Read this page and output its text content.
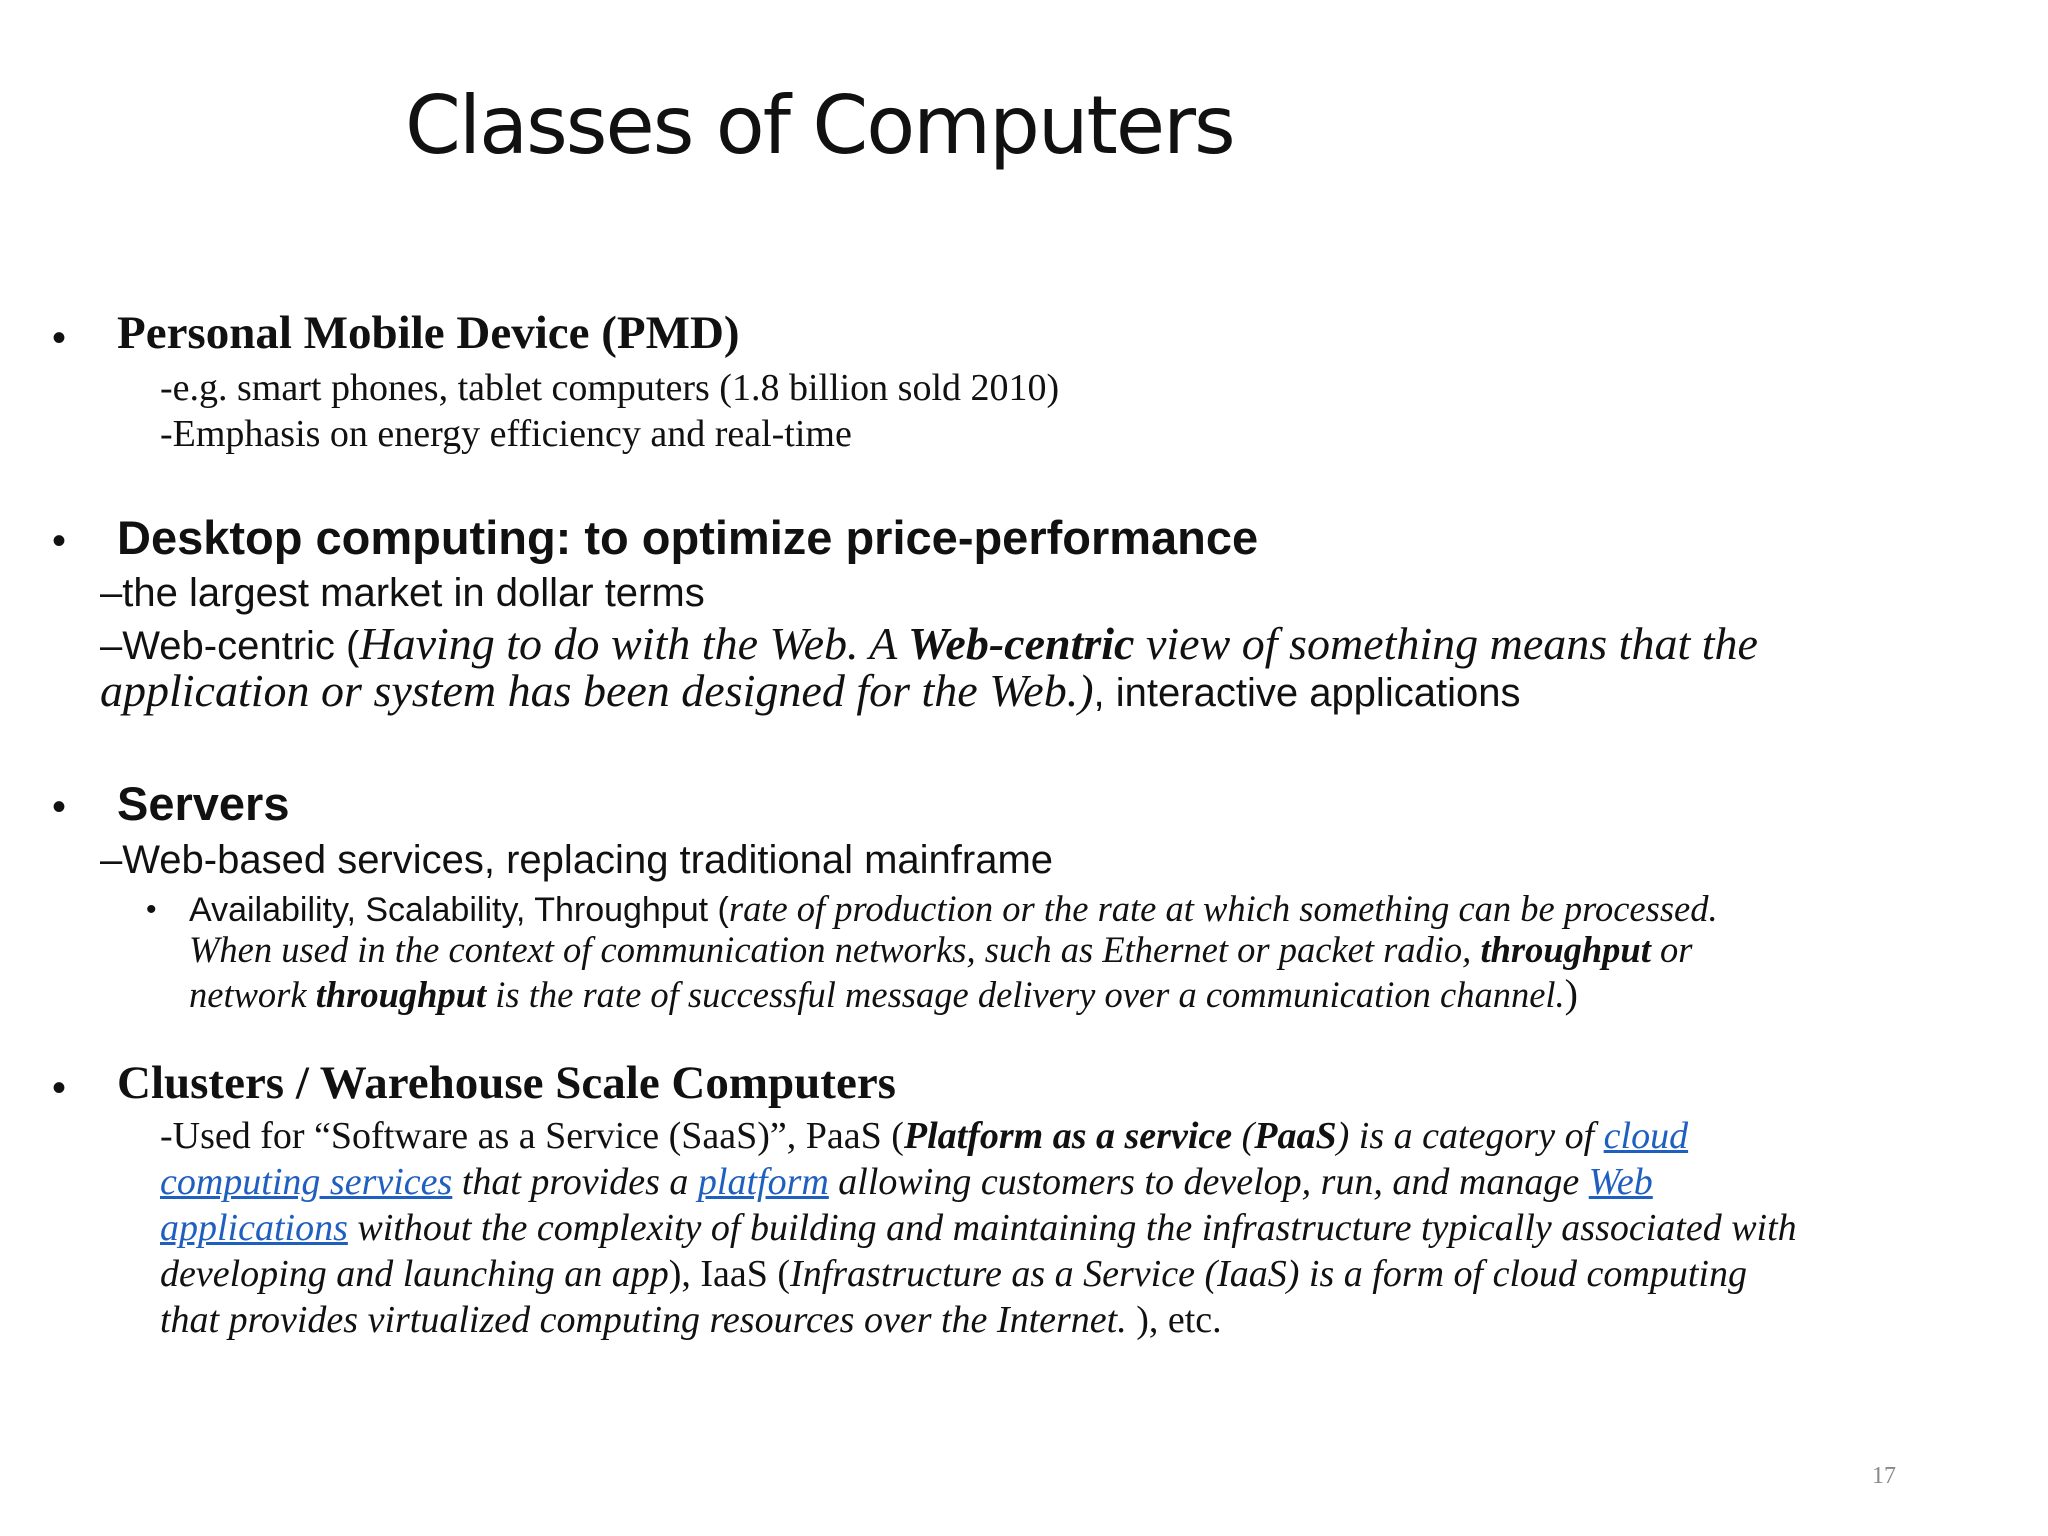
Classes of Computers
• Personal Mobile Device (PMD)

-e.g. smart phones, tablet computers (1.8 billion sold 2010)

-Emphasis on energy efficiency and real-time

• Desktop computing: to optimize price-performance

–the largest market in dollar terms

–Web-centric (Having to do with the Web. A Web-centric view of something means that the

application or system has been designed for the Web.), interactive applications

• Servers

–Web-based services, replacing traditional mainframe

• Availability, Scalability, Throughput (rate of production or the rate at which something can be processed.

When used in the context of communication networks, such as Ethernet or packet radio, throughput or

network throughput is the rate of successful message delivery over a communication channel.)

• Clusters / Warehouse Scale Computers

-Used for “Software as a Service (SaaS)”, PaaS (Platform as a service (PaaS) is a category of cloud

computing services that provides a platform allowing customers to develop, run, and manage Web

applications without the complexity of building and maintaining the infrastructure typically associated with

developing and launching an app), IaaS (Infrastructure as a Service (IaaS) is a form of cloud computing

that provides virtualized computing resources over the Internet. ), etc.

17
